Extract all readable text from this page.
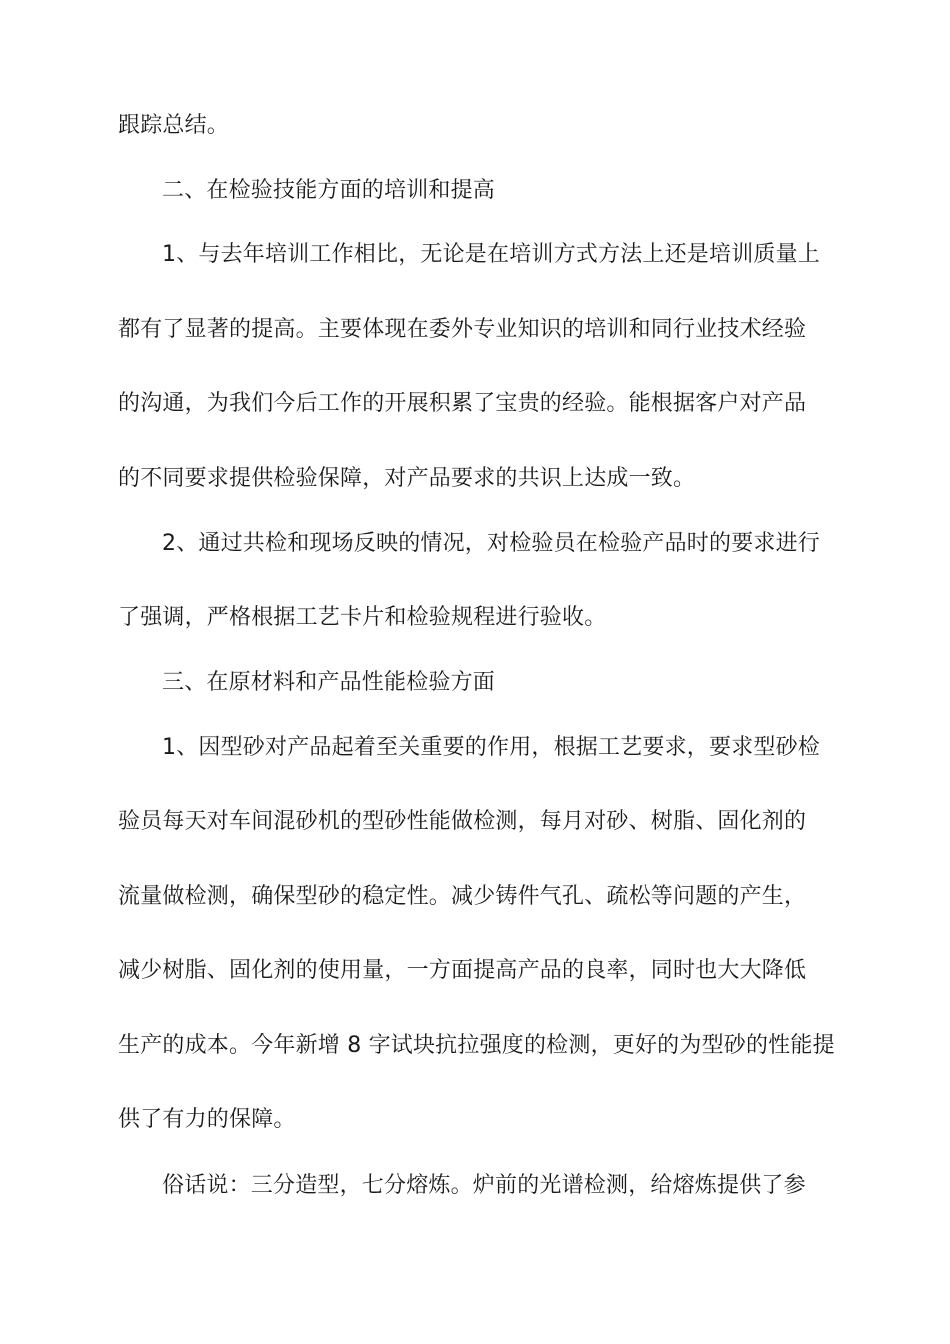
跟踪总结。
二、在检验技能方面的培训和提高
1、与去年培训工作相比，无论是在培训方式方法上还是培训质量上
都有了显著的提高。主要体现在委外专业知识的培训和同行业技术经验
的沟通，为我们今后工作的开展积累了宝贵的经验。能根据客户对产品
的不同要求提供检验保障，对产品要求的共识上达成一致。
2、通过共检和现场反映的情况，对检验员在检验产品时的要求进行
了强调，严格根据工艺卡片和检验规程进行验收。
三、在原材料和产品性能检验方面
1、因型砂对产品起着至关重要的作用，根据工艺要求，要求型砂检
验员每天对车间混砂机的型砂性能做检测，每月对砂、树脂、固化剂的
流量做检测，确保型砂的稳定性。减少铸件气孔、疏松等问题的产生，
减少树脂、固化剂的使用量，一方面提高产品的良率，同时也大大降低
生产的成本。今年新增 8 字试块抗拉强度的检测，更好的为型砂的性能提
供了有力的保障。
俗话说：三分造型，七分熔炼。炉前的光谱检测，给熔炼提供了参
